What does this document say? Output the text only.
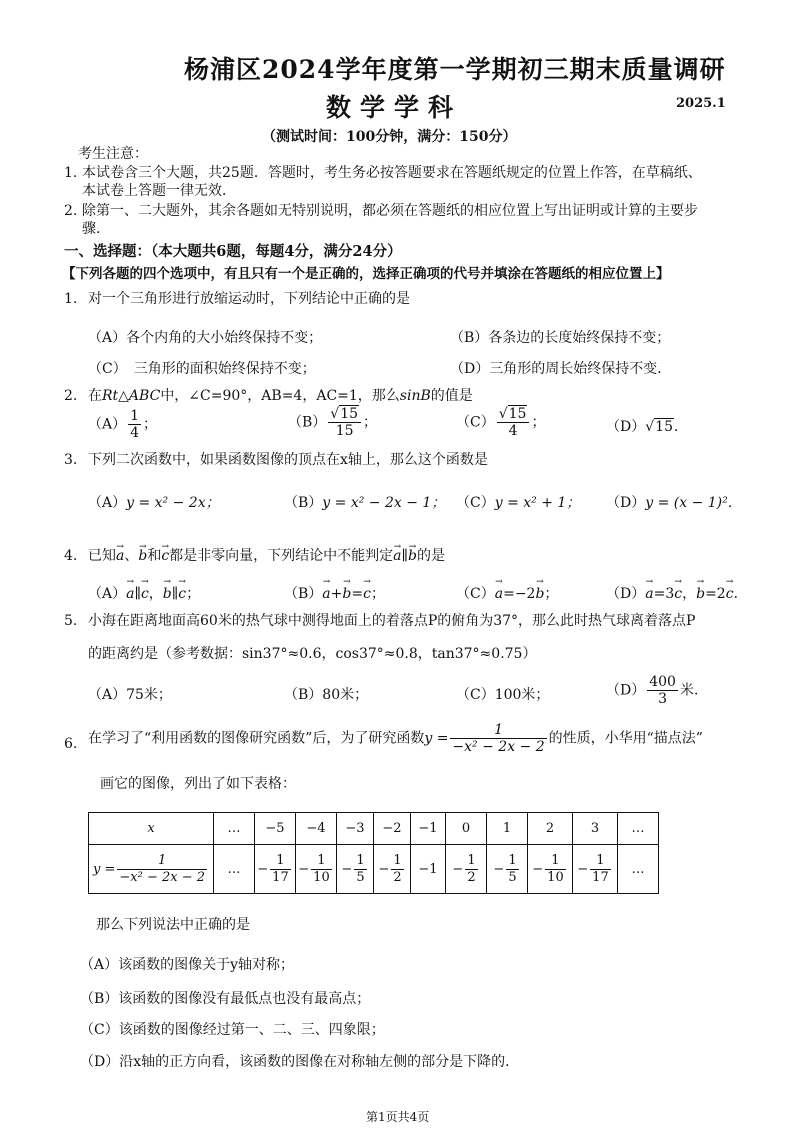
杨浦区2024学年度第一学期初三期末质量调研
数学学科	2025.1
（测试时间：100分钟，满分：150分）
考生注意：
1. 本试卷含三个大题，共25题．答题时，考生务必按答题要求在答题纸规定的位置上作答，在草稿纸、
本试卷上答题一律无效．
2. 除第一、二大题外，其余各题如无特别说明，都必须在答题纸的相应位置上写出证明或计算的主要步
骤．
一、选择题：（本大题共6题，每题4分，满分24分）
【下列各题的四个选项中，有且只有一个是正确的，选择正确项的代号并填涂在答题纸的相应位置上】
1. 对一个三角形进行放缩运动时，下列结论中正确的是
（A）各个内角的大小始终保持不变；	（B）各条边的长度始终保持不变；
（C）　三角形的面积始终保持不变；	（D）三角形的周长始终保持不变．
2. 在Rt△ABC中，∠C=90°，AB=4，AC=1，那么sinB的值是
$(A) \frac{1}{4}$ ；	$(B) \frac{√15}{15}$ ；	$(C) \frac{√15}{4}$ ；	（D）√15．
3. 下列二次函数中，如果函数图像的顶点在x轴上，那么这个函数是
（A）y = x² − 2x；	（B）y = x² − 2x − 1； （C）y = x² + 1； （D）y = (x − 1)²．
4. 已知→ a、→ b和→ c都是非零向量，下列结论中不能判定→ a∥→ b的是
（A）→ a∥→ c，→ b∥→ c；	（B）→ a+→ b=→ c；	（C）→ a=−2→ b；	（D）→ a=3→ c，→ b=2→ c．
5. 小海在距离地面高60米的热气球中测得地面上的着落点P的俯角为37°，那么此时热气球离着落点P
的距离约是（参考数据：sin37°≈0.6，cos37°≈0.8，tan37°≈0.75）
（A）75米；	（B）80米；	（C）100米；	$(D) \frac{400}{3}$ 米．
6. 在学习了“利用函数的图像研究函数”后，为了研究函数$y = \frac{1}{\text{−x² − 2x − 2}}$ 的性质，小华用“描点法”
画它的图像，列出了如下表格：
x	…	−5	−4	−3	−2	−1	0	1	2	3	…
$y = \frac{1}{\text{−x² − 2x − 2}}$	…	− $\frac{1}{17}$	− $\frac{1}{10}$	− $\frac{1}{5}$	− $\frac{1}{2}$	−1	− $\frac{1}{2}$	− $\frac{1}{5}$	− $\frac{1}{10}$	− $\frac{1}{17}$	…
那么下列说法中正确的是
（A）该函数的图像关于y轴对称；
（B）该函数的图像没有最低点也没有最高点；
（C）该函数的图像经过第一、二、三、四象限；
（D）沿x轴的正方向看，该函数的图像在对称轴左侧的部分是下降的．
第1页共4页
